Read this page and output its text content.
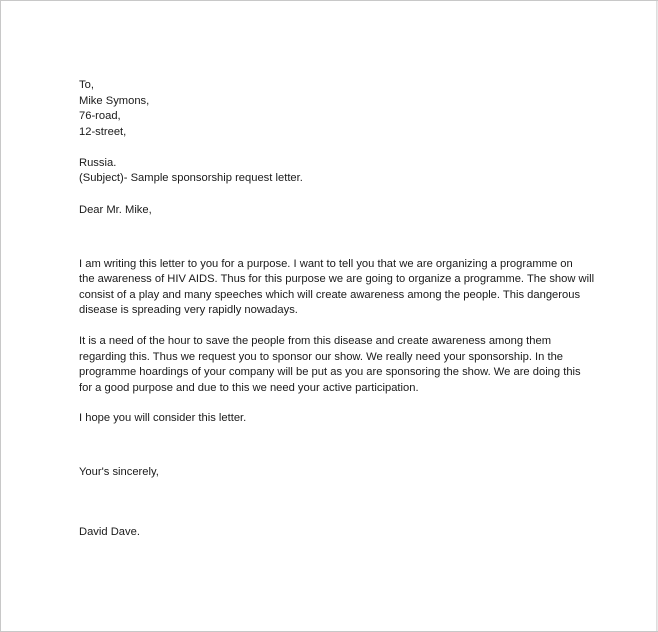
To,
Mike Symons,
76-road,
12-street,
Russia.
(Subject)- Sample sponsorship request letter.
Dear Mr. Mike,
I am writing this letter to you for a purpose. I want to tell you that we are organizing a programme on
the awareness of HIV AIDS. Thus for this purpose we are going to organize a programme. The show will
consist of a play and many speeches which will create awareness among the people. This dangerous
disease is spreading very rapidly nowadays.
It is a need of the hour to save the people from this disease and create awareness among them
regarding this. Thus we request you to sponsor our show. We really need your sponsorship. In the
programme hoardings of your company will be put as you are sponsoring the show. We are doing this
for a good purpose and due to this we need your active participation.
I hope you will consider this letter.
Your's sincerely,
David Dave.
